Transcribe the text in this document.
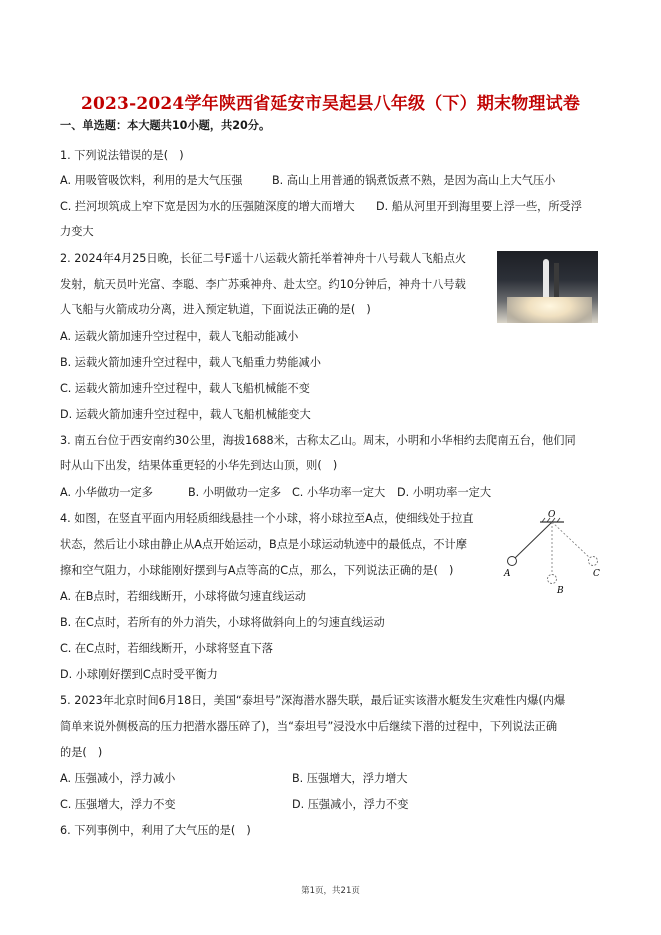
2023-2024学年陕西省延安市吴起县八年级（下）期末物理试卷
一、单选题：本大题共10小题，共20分。
1. 下列说法错误的是(　)
A. 用吸管吸饮料，利用的是大气压强	B. 高山上用普通的锅煮饭煮不熟，是因为高山上大气压小
C. 拦河坝筑成上窄下宽是因为水的压强随深度的增大而增大 D. 船从河里开到海里要上浮一些，所受浮
力变大
2. 2024年4月25日晚，长征二号F遥十八运载火箭托举着神舟十八号载人飞船点火
发射，航天员叶光富、李聪、李广苏乘神舟、赴太空。约10分钟后，神舟十八号载
人飞船与火箭成功分离，进入预定轨道，下面说法正确的是(　)
A. 运载火箭加速升空过程中，载人飞船动能减小
B. 运载火箭加速升空过程中，载人飞船重力势能减小
C. 运载火箭加速升空过程中，载人飞船机械能不变
D. 运载火箭加速升空过程中，载人飞船机械能变大
3. 南五台位于西安南约30公里，海拔1688米，古称太乙山。周末，小明和小华相约去爬南五台，他们同
时从山下出发，结果体重更轻的小华先到达山顶，则(　)
A. 小华做功一定多	B. 小明做功一定多 C. 小华功率一定大 D. 小明功率一定大
4. 如图，在竖直平面内用轻质细线悬挂一个小球，将小球拉至A点，使细线处于拉直
状态，然后让小球由静止从A点开始运动，B点是小球运动轨迹中的最低点，不计摩
擦和空气阻力，小球能刚好摆到与A点等高的C点，那么，下列说法正确的是(　)
O
A
B
C
A. 在B点时，若细线断开，小球将做匀速直线运动
B. 在C点时，若所有的外力消失，小球将做斜向上的匀速直线运动
C. 在C点时，若细线断开，小球将竖直下落
D. 小球刚好摆到C点时受平衡力
5. 2023年北京时间6月18日，美国“泰坦号”深海潜水器失联，最后证实该潜水艇发生灾难性内爆(内爆
简单来说外侧极高的压力把潜水器压碎了)，当“泰坦号”浸没水中后继续下潜的过程中，下列说法正确
的是(　)
A. 压强减小，浮力减小	B. 压强增大，浮力增大
C. 压强增大，浮力不变	D. 压强减小，浮力不变
6. 下列事例中，利用了大气压的是(　)
第1页，共21页
